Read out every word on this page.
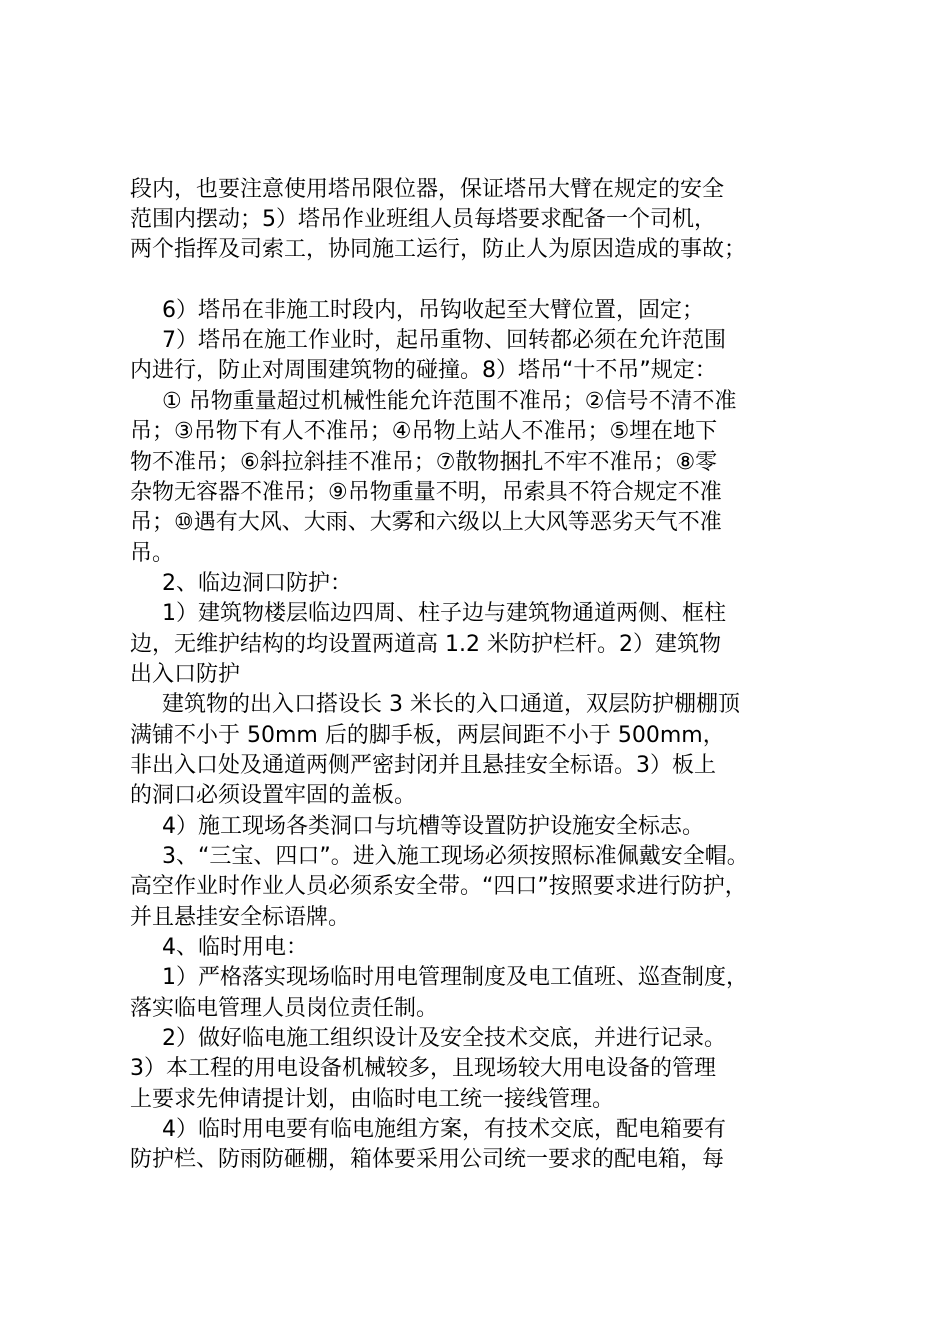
段内，也要注意使用塔吊限位器，保证塔吊大臂在规定的安全
范围内摆动；5）塔吊作业班组人员每塔要求配备一个司机，
两个指挥及司索工，协同施工运行，防止人为原因造成的事故；
6）塔吊在非施工时段内，吊钩收起至大臂位置，固定；
7）塔吊在施工作业时，起吊重物、回转都必须在允许范围
内进行，防止对周围建筑物的碰撞。8）塔吊“十不吊”规定：
① 吊物重量超过机械性能允许范围不准吊；②信号不清不准
吊；③吊物下有人不准吊；④吊物上站人不准吊；⑤埋在地下
物不准吊；⑥斜拉斜挂不准吊；⑦散物捆扎不牢不准吊；⑧零
杂物无容器不准吊；⑨吊物重量不明，吊索具不符合规定不准
吊；⑩遇有大风、大雨、大雾和六级以上大风等恶劣天气不准
吊。
2、临边洞口防护：
1）建筑物楼层临边四周、柱子边与建筑物通道两侧、框柱
边，无维护结构的均设置两道高 1.2 米防护栏杆。2）建筑物
出入口防护
建筑物的出入口搭设长 3 米长的入口通道，双层防护棚棚顶
满铺不小于 50mm 后的脚手板，两层间距不小于 500mm，
非出入口处及通道两侧严密封闭并且悬挂安全标语。3）板上
的洞口必须设置牢固的盖板。
4）施工现场各类洞口与坑槽等设置防护设施安全标志。
3、“三宝、四口”。进入施工现场必须按照标准佩戴安全帽。
高空作业时作业人员必须系安全带。“四口”按照要求进行防护，
并且悬挂安全标语牌。
4、临时用电：
1）严格落实现场临时用电管理制度及电工值班、巡查制度，
落实临电管理人员岗位责任制。
2）做好临电施工组织设计及安全技术交底，并进行记录。
3）本工程的用电设备机械较多，且现场较大用电设备的管理
上要求先伸请提计划，由临时电工统一接线管理。
4）临时用电要有临电施组方案，有技术交底，配电箱要有
防护栏、防雨防砸棚，箱体要采用公司统一要求的配电箱，每
